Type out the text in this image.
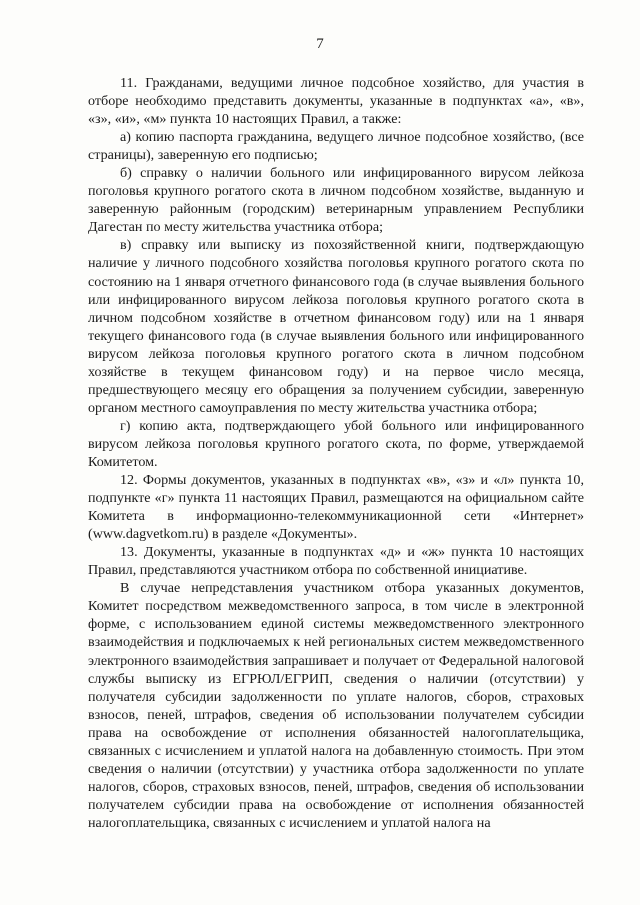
7

11. Гражданами, ведущими личное подсобное хозяйство, для участия в отборе необходимо представить документы, указанные в подпунктах «а», «в», «з», «и», «м» пункта 10 настоящих Правил, а также:

а) копию паспорта гражданина, ведущего личное подсобное хозяйство, (все страницы), заверенную его подписью;

б) справку о наличии больного или инфицированного вирусом лейкоза поголовья крупного рогатого скота в личном подсобном хозяйстве, выданную и заверенную районным (городским) ветеринарным управлением Республики Дагестан по месту жительства участника отбора;

в) справку или выписку из похозяйственной книги, подтверждающую наличие у личного подсобного хозяйства поголовья крупного рогатого скота по состоянию на 1 января отчетного финансового года (в случае выявления больного или инфицированного вирусом лейкоза поголовья крупного рогатого скота в личном подсобном хозяйстве в отчетном финансовом году) или на 1 января текущего финансового года (в случае выявления больного или инфицированного вирусом лейкоза поголовья крупного рогатого скота в личном подсобном хозяйстве в текущем финансовом году) и на первое число месяца, предшествующего месяцу его обращения за получением субсидии, заверенную органом местного самоуправления по месту жительства участника отбора;

г) копию акта, подтверждающего убой больного или инфицированного вирусом лейкоза поголовья крупного рогатого скота, по форме, утверждаемой Комитетом.

12. Формы документов, указанных в подпунктах «в», «з» и «л» пункта 10, подпункте «г» пункта 11 настоящих Правил, размещаются на официальном сайте Комитета в информационно-телекоммуникационной сети «Интернет» (www.dagvetkom.ru) в разделе «Документы».

13. Документы, указанные в подпунктах «д» и «ж» пункта 10 настоящих Правил, представляются участником отбора по собственной инициативе.

В случае непредставления участником отбора указанных документов, Комитет посредством межведомственного запроса, в том числе в электронной форме, с использованием единой системы межведомственного электронного взаимодействия и подключаемых к ней региональных систем межведомственного электронного взаимодействия запрашивает и получает от Федеральной налоговой службы выписку из ЕГРЮЛ/ЕГРИП, сведения о наличии (отсутствии) у получателя субсидии задолженности по уплате налогов, сборов, страховых взносов, пеней, штрафов, сведения об использовании получателем субсидии права на освобождение от исполнения обязанностей налогоплательщика, связанных с исчислением и уплатой налога на добавленную стоимость. При этом сведения о наличии (отсутствии) у участника отбора задолженности по уплате налогов, сборов, страховых взносов, пеней, штрафов, сведения об использовании получателем субсидии права на освобождение от исполнения обязанностей налогоплательщика, связанных с исчислением и уплатой налога на
